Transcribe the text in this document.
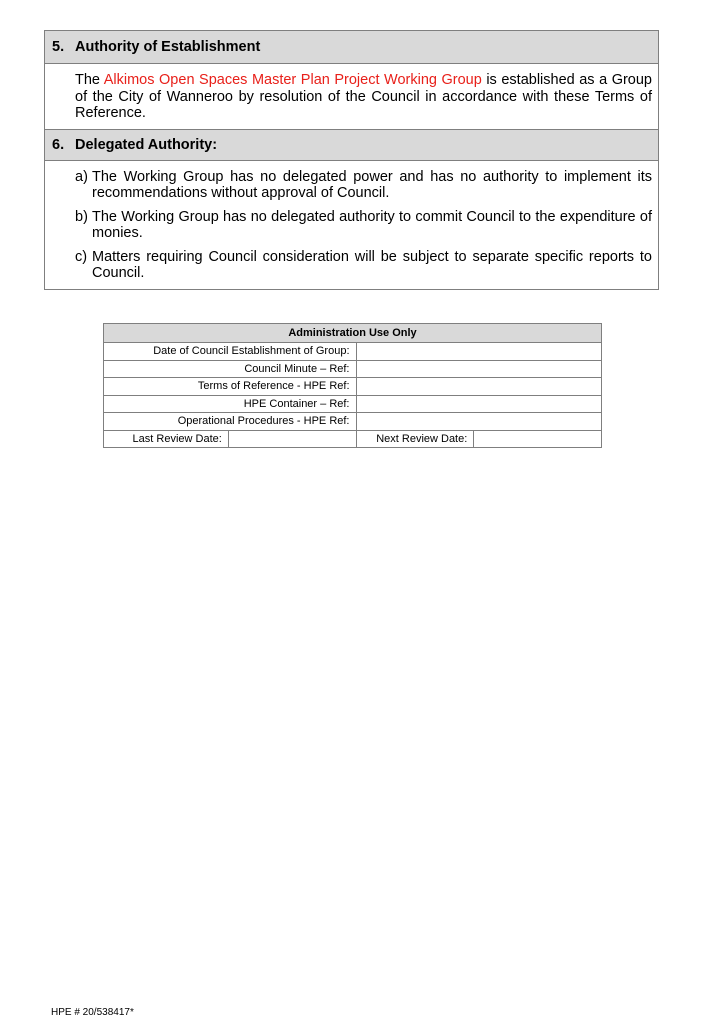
5. Authority of Establishment
The Alkimos Open Spaces Master Plan Project Working Group is established as a Group of the City of Wanneroo by resolution of the Council in accordance with these Terms of Reference.
6. Delegated Authority:
a) The Working Group has no delegated power and has no authority to implement its recommendations without approval of Council.
b) The Working Group has no delegated authority to commit Council to the expenditure of monies.
c) Matters requiring Council consideration will be subject to separate specific reports to Council.
Administration Use Only			
Date of Council Establishment of Group:			
Council Minute – Ref:			
Terms of Reference - HPE Ref:			
HPE Container – Ref:			
Operational Procedures - HPE Ref:			
Last Review Date:		Next Review Date:	
HPE # 20/538417*
